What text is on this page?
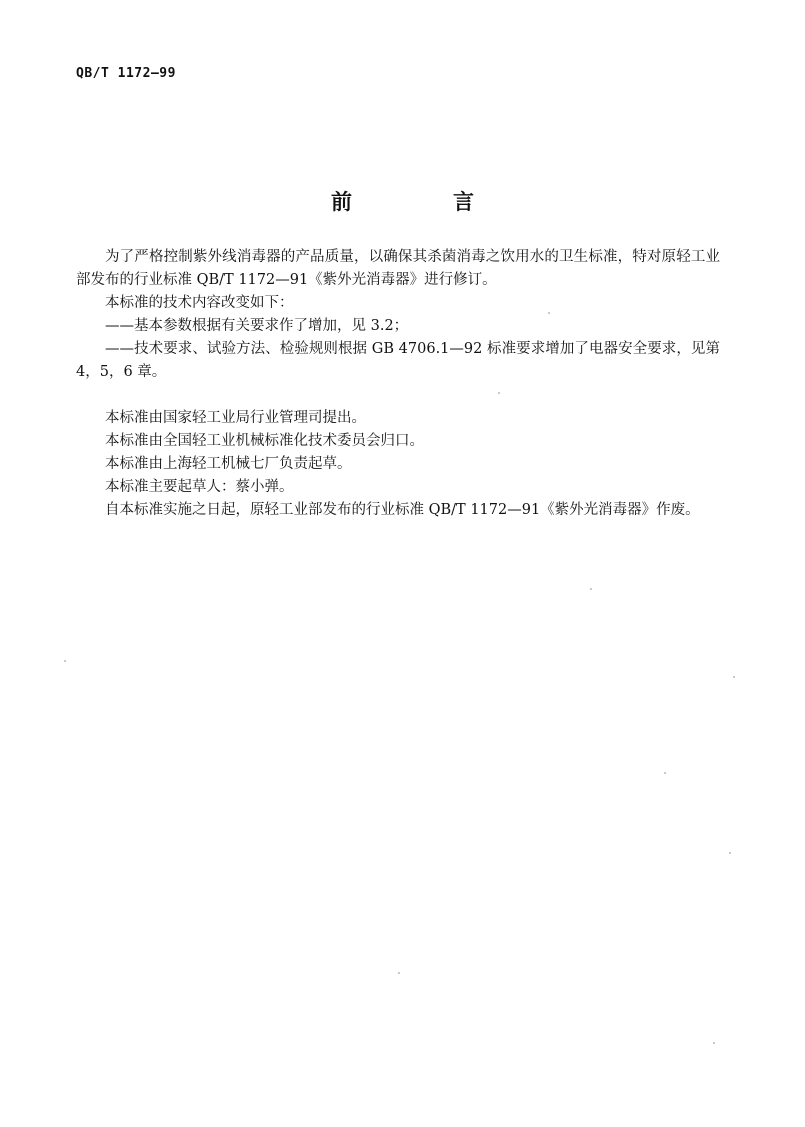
QB/T 1172—99
前　言

为了严格控制紫外线消毒器的产品质量，以确保其杀菌消毒之饮用水的卫生标准，特对原轻工业部发布的行业标准 QB/T 1172—91《紫外光消毒器》进行修订。

本标准的技术内容改变如下：

——基本参数根据有关要求作了增加，见 3.2；

——技术要求、试验方法、检验规则根据 GB 4706.1—92 标准要求增加了电器安全要求，见第 4，5，6 章。

本标准由国家轻工业局行业管理司提出。

本标准由全国轻工业机械标准化技术委员会归口。

本标准由上海轻工机械七厂负责起草。

本标准主要起草人：蔡小弹。

自本标准实施之日起，原轻工业部发布的行业标准 QB/T 1172—91《紫外光消毒器》作废。
